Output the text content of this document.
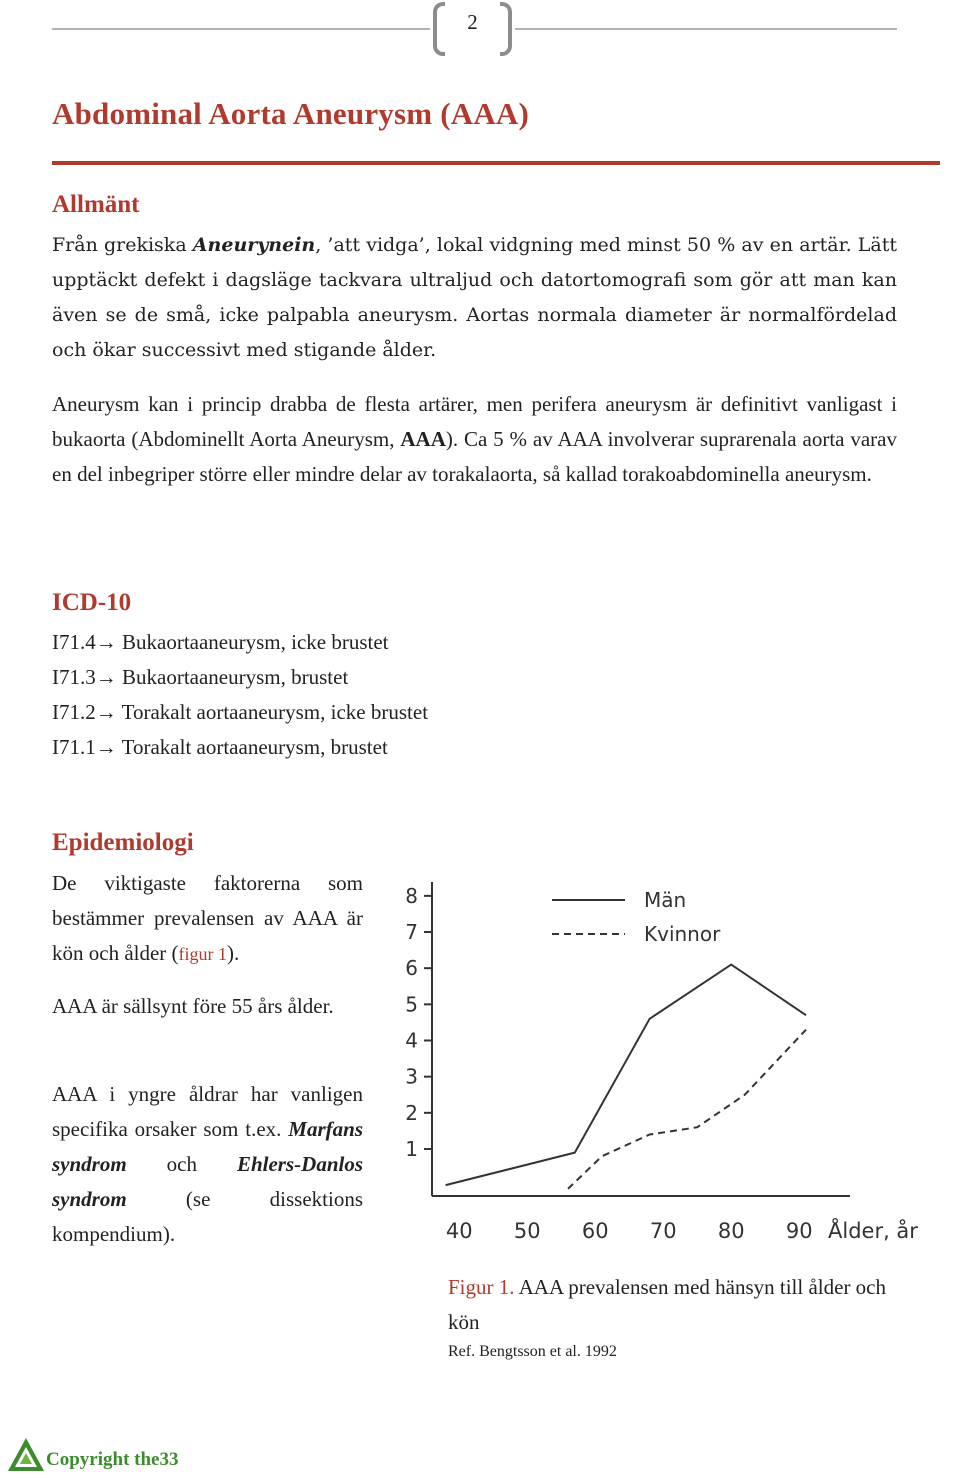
2
Abdominal Aorta Aneurysm (AAA)
Allmänt
Från grekiska Aneurynein, ’att vidga’, lokal vidgning med minst 50 % av en artär. Lätt upptäckt defekt i dagsläge tackvara ultraljud och datortomografi som gör att man kan även se de små, icke palpabla aneurysm. Aortas normala diameter är normalfördelad och ökar successivt med stigande ålder.
Aneurysm kan i princip drabba de flesta artärer, men perifera aneurysm är definitivt vanligast i bukaorta (Abdominellt Aorta Aneurysm, AAA). Ca 5 % av AAA involverar suprarenala aorta varav en del inbegriper större eller mindre delar av torakalaorta, så kallad torakoabdominella aneurysm.
ICD-10
I71.4→ Bukaortaaneurysm, icke brustet
I71.3→ Bukaortaaneurysm, brustet
I71.2→ Torakalt aortaaneurysm, icke brustet
I71.1→ Torakalt aortaaneurysm, brustet
Epidemiologi
De viktigaste faktorerna som bestämmer prevalensen av AAA är kön och ålder (figur 1).
AAA är sällsynt före 55 års ålder.
AAA i yngre åldrar har vanligen specifika orsaker som t.ex. Marfans syndrom och Ehlers-Danlos syndrom (se dissektions kompendium).
1
2
3
4
5
6
7
8
40 50 60 70 80 90 Ålder, år
Män
Kvinnor
Figur 1. AAA prevalensen med hänsyn till ålder och kön
Ref. Bengtsson et al. 1992
Copyright the33
